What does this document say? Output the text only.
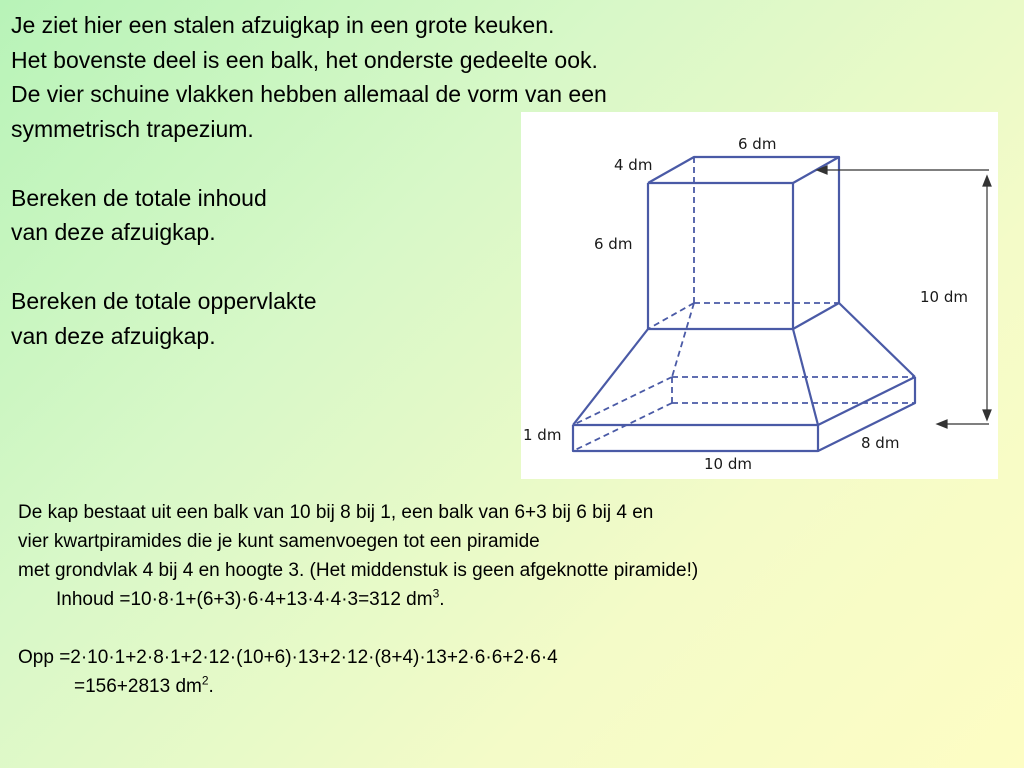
Je ziet hier een stalen afzuigkap in een grote keuken.
Het bovenste deel is een balk, het onderste gedeelte ook.
De vier schuine vlakken hebben allemaal de vorm van een
symmetrisch trapezium.
Bereken de totale inhoud
van deze afzuigkap.
Bereken de totale oppervlakte
van deze afzuigkap.
6 dm
4 dm
6 dm
10 dm
1 dm	8 dm
10 dm
De kap bestaat uit een balk van 10 bij 8 bij 1, een balk van 6+3 bij 6 bij 4 en
vier kwartpiramides die je kunt samenvoegen tot een piramide
met grondvlak 4 bij 4 en hoogte 3. (Het middenstuk is geen afgeknotte piramide!)
Inhoud =10·8·1+(6+3)·6·4+13·4·4·3=312 $dm^3$.
Opp =2·10·1+2·8·1+2·12·(10+6)·13+2·12·(8+4)·13+2·6·6+2·6·4
=156+2813 $dm^2$.
